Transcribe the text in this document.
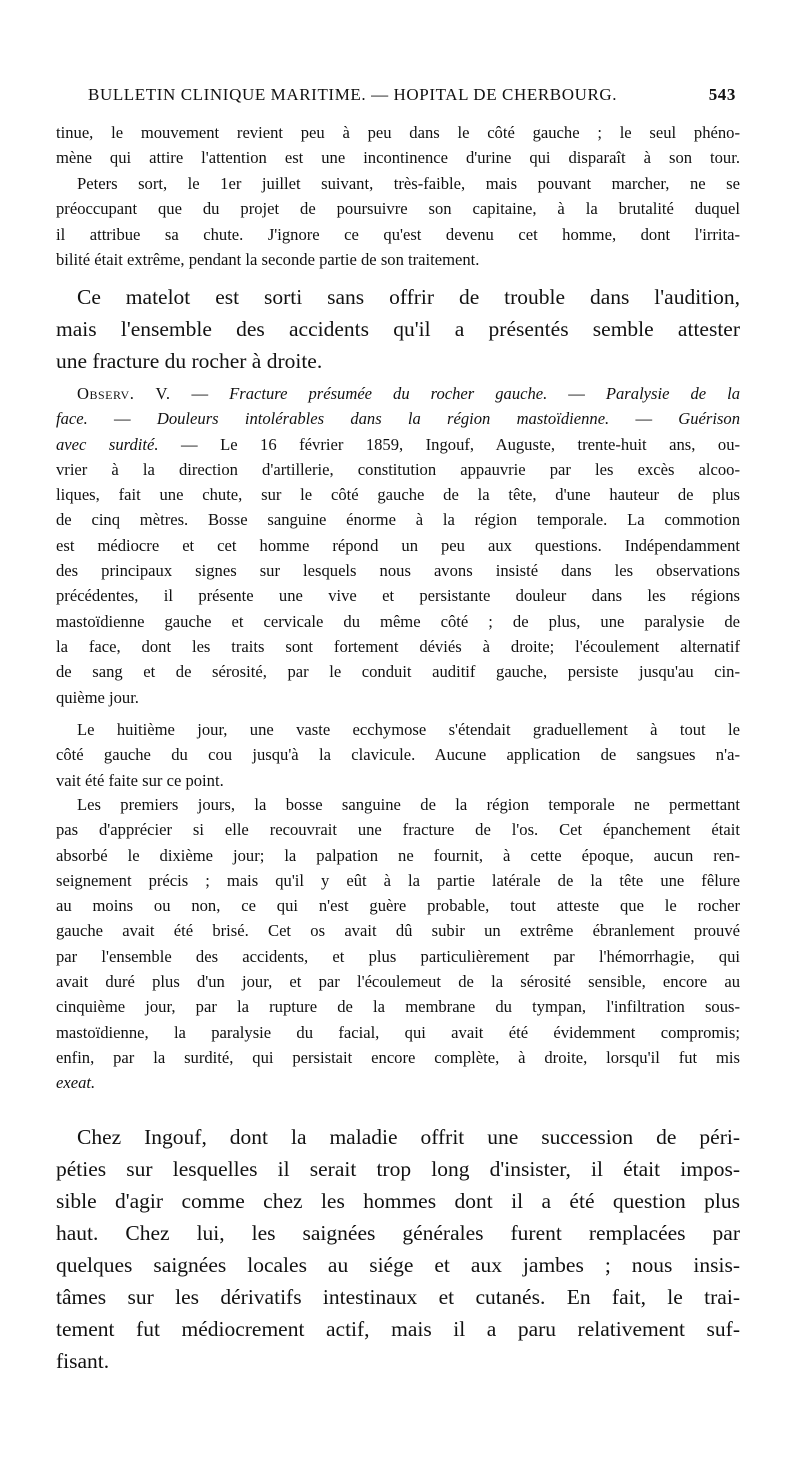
BULLETIN CLINIQUE MARITIME. — HOPITAL DE CHERBOURG.	543
tinue, le mouvement revient peu à peu dans le côté gauche ; le seul phéno-
mène qui attire l'attention est une incontinence d'urine qui disparaît à son tour.
Peters sort, le 1er juillet suivant, très-faible, mais pouvant marcher, ne se
préoccupant que du projet de poursuivre son capitaine, à la brutalité duquel
il attribue sa chute. J'ignore ce qu'est devenu cet homme, dont l'irrita-
bilité était extrême, pendant la seconde partie de son traitement.
Ce matelot est sorti sans offrir de trouble dans l'audition,
mais l'ensemble des accidents qu'il a présentés semble attester
une fracture du rocher à droite.
Observ. V. — Fracture présumée du rocher gauche. — Paralysie de la
face. — Douleurs intolérables dans la région mastoïdienne. — Guérison
avec surdité. — Le 16 février 1859, Ingouf, Auguste, trente-huit ans, ou-
vrier à la direction d'artillerie, constitution appauvrie par les excès alcoo-
liques, fait une chute, sur le côté gauche de la tête, d'une hauteur de plus
de cinq mètres. Bosse sanguine énorme à la région temporale. La commotion
est médiocre et cet homme répond un peu aux questions. Indépendamment
des principaux signes sur lesquels nous avons insisté dans les observations
précédentes, il présente une vive et persistante douleur dans les régions
mastoïdienne gauche et cervicale du même côté ; de plus, une paralysie de
la face, dont les traits sont fortement déviés à droite; l'écoulement alternatif
de sang et de sérosité, par le conduit auditif gauche, persiste jusqu'au cin-
quième jour.
Le huitième jour, une vaste ecchymose s'étendait graduellement à tout le
côté gauche du cou jusqu'à la clavicule. Aucune application de sangsues n'a-
vait été faite sur ce point.
Les premiers jours, la bosse sanguine de la région temporale ne permettant
pas d'apprécier si elle recouvrait une fracture de l'os. Cet épanchement était
absorbé le dixième jour; la palpation ne fournit, à cette époque, aucun ren-
seignement précis ; mais qu'il y eût à la partie latérale de la tête une fêlure
au moins ou non, ce qui n'est guère probable, tout atteste que le rocher
gauche avait été brisé. Cet os avait dû subir un extrême ébranlement prouvé
par l'ensemble des accidents, et plus particulièrement par l'hémorrhagie, qui
avait duré plus d'un jour, et par l'écoulemeut de la sérosité sensible, encore au
cinquième jour, par la rupture de la membrane du tympan, l'infiltration sous-
mastoïdienne, la paralysie du facial, qui avait été évidemment compromis;
enfin, par la surdité, qui persistait encore complète, à droite, lorsqu'il fut mis
exeat.
Chez Ingouf, dont la maladie offrit une succession de péri-
péties sur lesquelles il serait trop long d'insister, il était impos-
sible d'agir comme chez les hommes dont il a été question plus
haut. Chez lui, les saignées générales furent remplacées par
quelques saignées locales au siége et aux jambes ; nous insis-
tâmes sur les dérivatifs intestinaux et cutanés. En fait, le trai-
tement fut médiocrement actif, mais il a paru relativement suf-
fisant.
